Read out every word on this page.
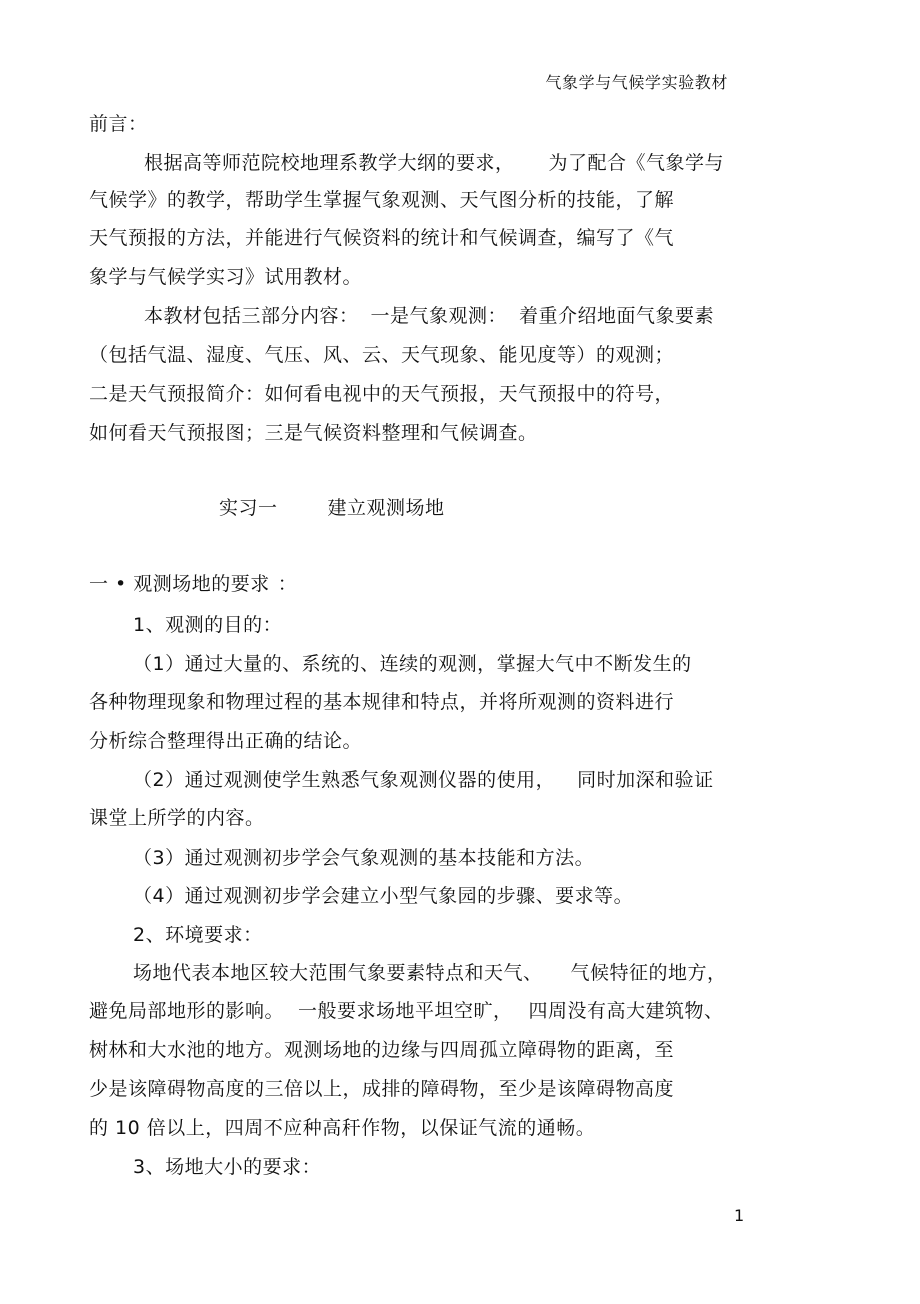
气象学与气候学实验教材
前言：
根据高等师范院校地理系教学大纲的要求， 为了配合《气象学与
气候学》的教学，帮助学生掌握气象观测、天气图分析的技能，了解
天气预报的方法，并能进行气候资料的统计和气候调查，编写了《气
象学与气候学实习》试用教材。
本教材包括三部分内容： 一是气象观测： 着重介绍地面气象要素
（包括气温、湿度、气压、风、云、天气现象、能见度等）的观测；
二是天气预报简介：如何看电视中的天气预报，天气预报中的符号，
如何看天气预报图；三是气候资料整理和气候调查。
实习一	建立观测场地
一 • 观测场地的要求 ：
1、观测的目的：
（1）通过大量的、系统的、连续的观测，掌握大气中不断发生的
各种物理现象和物理过程的基本规律和特点，并将所观测的资料进行
分析综合整理得出正确的结论。
（2）通过观测使学生熟悉气象观测仪器的使用， 同时加深和验证
课堂上所学的内容。
（3）通过观测初步学会气象观测的基本技能和方法。
（4）通过观测初步学会建立小型气象园的步骤、要求等。
2、环境要求：
场地代表本地区较大范围气象要素特点和天气、 气候特征的地方，
避免局部地形的影响。 一般要求场地平坦空旷， 四周没有高大建筑物、
树林和大水池的地方。观测场地的边缘与四周孤立障碍物的距离，至
少是该障碍物高度的三倍以上，成排的障碍物，至少是该障碍物高度
的 10 倍以上，四周不应种高秆作物，以保证气流的通畅。
3、场地大小的要求：
1
